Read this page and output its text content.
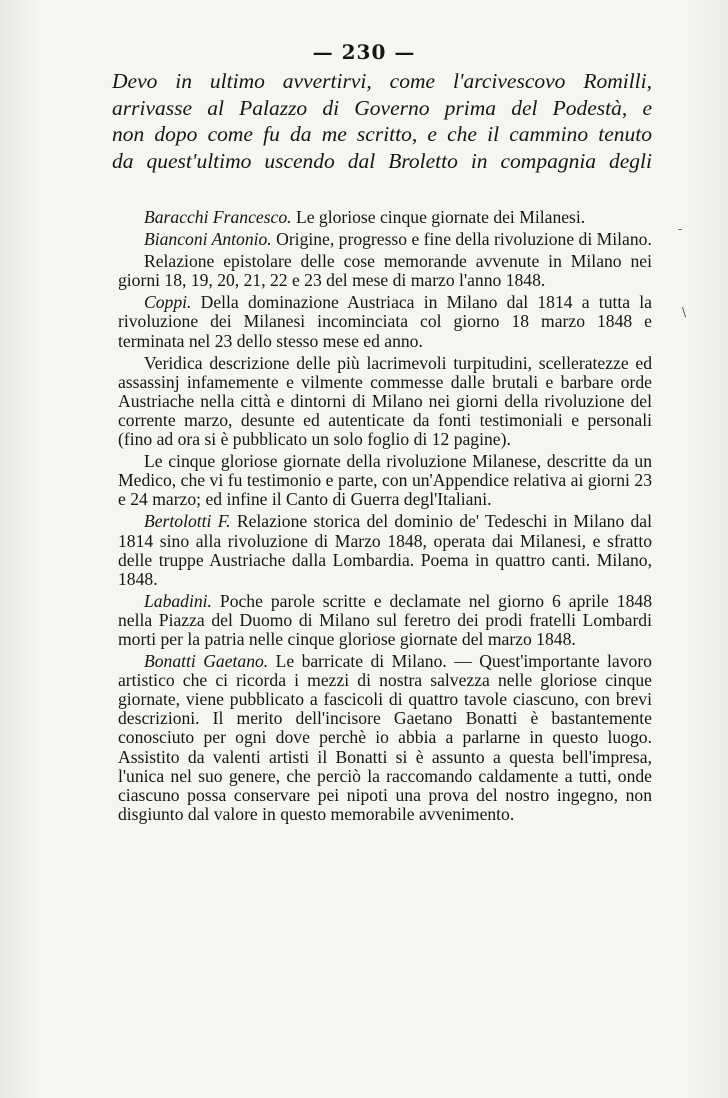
— 230 —
Devo in ultimo avvertirvi, come l'arcivescovo Romilli,
arrivasse al Palazzo di Governo prima del Podestà, e
non dopo come fu da me scritto, e che il cammino tenuto
da quest'ultimo uscendo dal Broletto in compagnia degli

Baracchi Francesco. Le gloriose cinque giornate dei Milanesi.

Bianconi Antonio. Origine, progresso e fine della rivoluzione di Milano.

Relazione epistolare delle cose memorande avvenute in Milano nei giorni 18, 19, 20, 21, 22 e 23 del mese di marzo l'anno 1848.

Coppi. Della dominazione Austriaca in Milano dal 1814 a tutta la rivoluzione dei Milanesi incominciata col giorno 18 marzo 1848 e terminata nel 23 dello stesso mese ed anno.

Veridica descrizione delle più lacrimevoli turpitudini, scelleratezze ed assassinj infamemente e vilmente commesse dalle brutali e barbare orde Austriache nella città e dintorni di Milano nei giorni della rivoluzione del corrente marzo, desunte ed autenticate da fonti testimoniali e personali (fino ad ora si è pubblicato un solo foglio di 12 pagine).

Le cinque gloriose giornate della rivoluzione Milanese, descritte da un Medico, che vi fu testimonio e parte, con un'Appendice relativa ai giorni 23 e 24 marzo; ed infine il Canto di Guerra degl'Italiani.

Bertolotti F. Relazione storica del dominio de' Tedeschi in Milano dal 1814 sino alla rivoluzione di Marzo 1848, operata dai Milanesi, e sfratto delle truppe Austriache dalla Lombardia. Poema in quattro canti. Milano, 1848.

Labadini. Poche parole scritte e declamate nel giorno 6 aprile 1848 nella Piazza del Duomo di Milano sul feretro dei prodi fratelli Lombardi morti per la patria nelle cinque gloriose giornate del marzo 1848.

Bonatti Gaetano. Le barricate di Milano. — Quest'importante lavoro artistico che ci ricorda i mezzi di nostra salvezza nelle gloriose cinque giornate, viene pubblicato a fascicoli di quattro tavole ciascuno, con brevi descrizioni. Il merito dell'incisore Gaetano Bonatti è bastantemente conosciuto per ogni dove perchè io abbia a parlarne in questo luogo. Assistito da valenti artisti il Bonatti si è assunto a questa bell'impresa, l'unica nel suo genere, che perciò la raccomando caldamente a tutti, onde ciascuno possa conservare pei nipoti una prova del nostro ingegno, non disgiunto dal valore in questo memorabile avvenimento.

-
\
